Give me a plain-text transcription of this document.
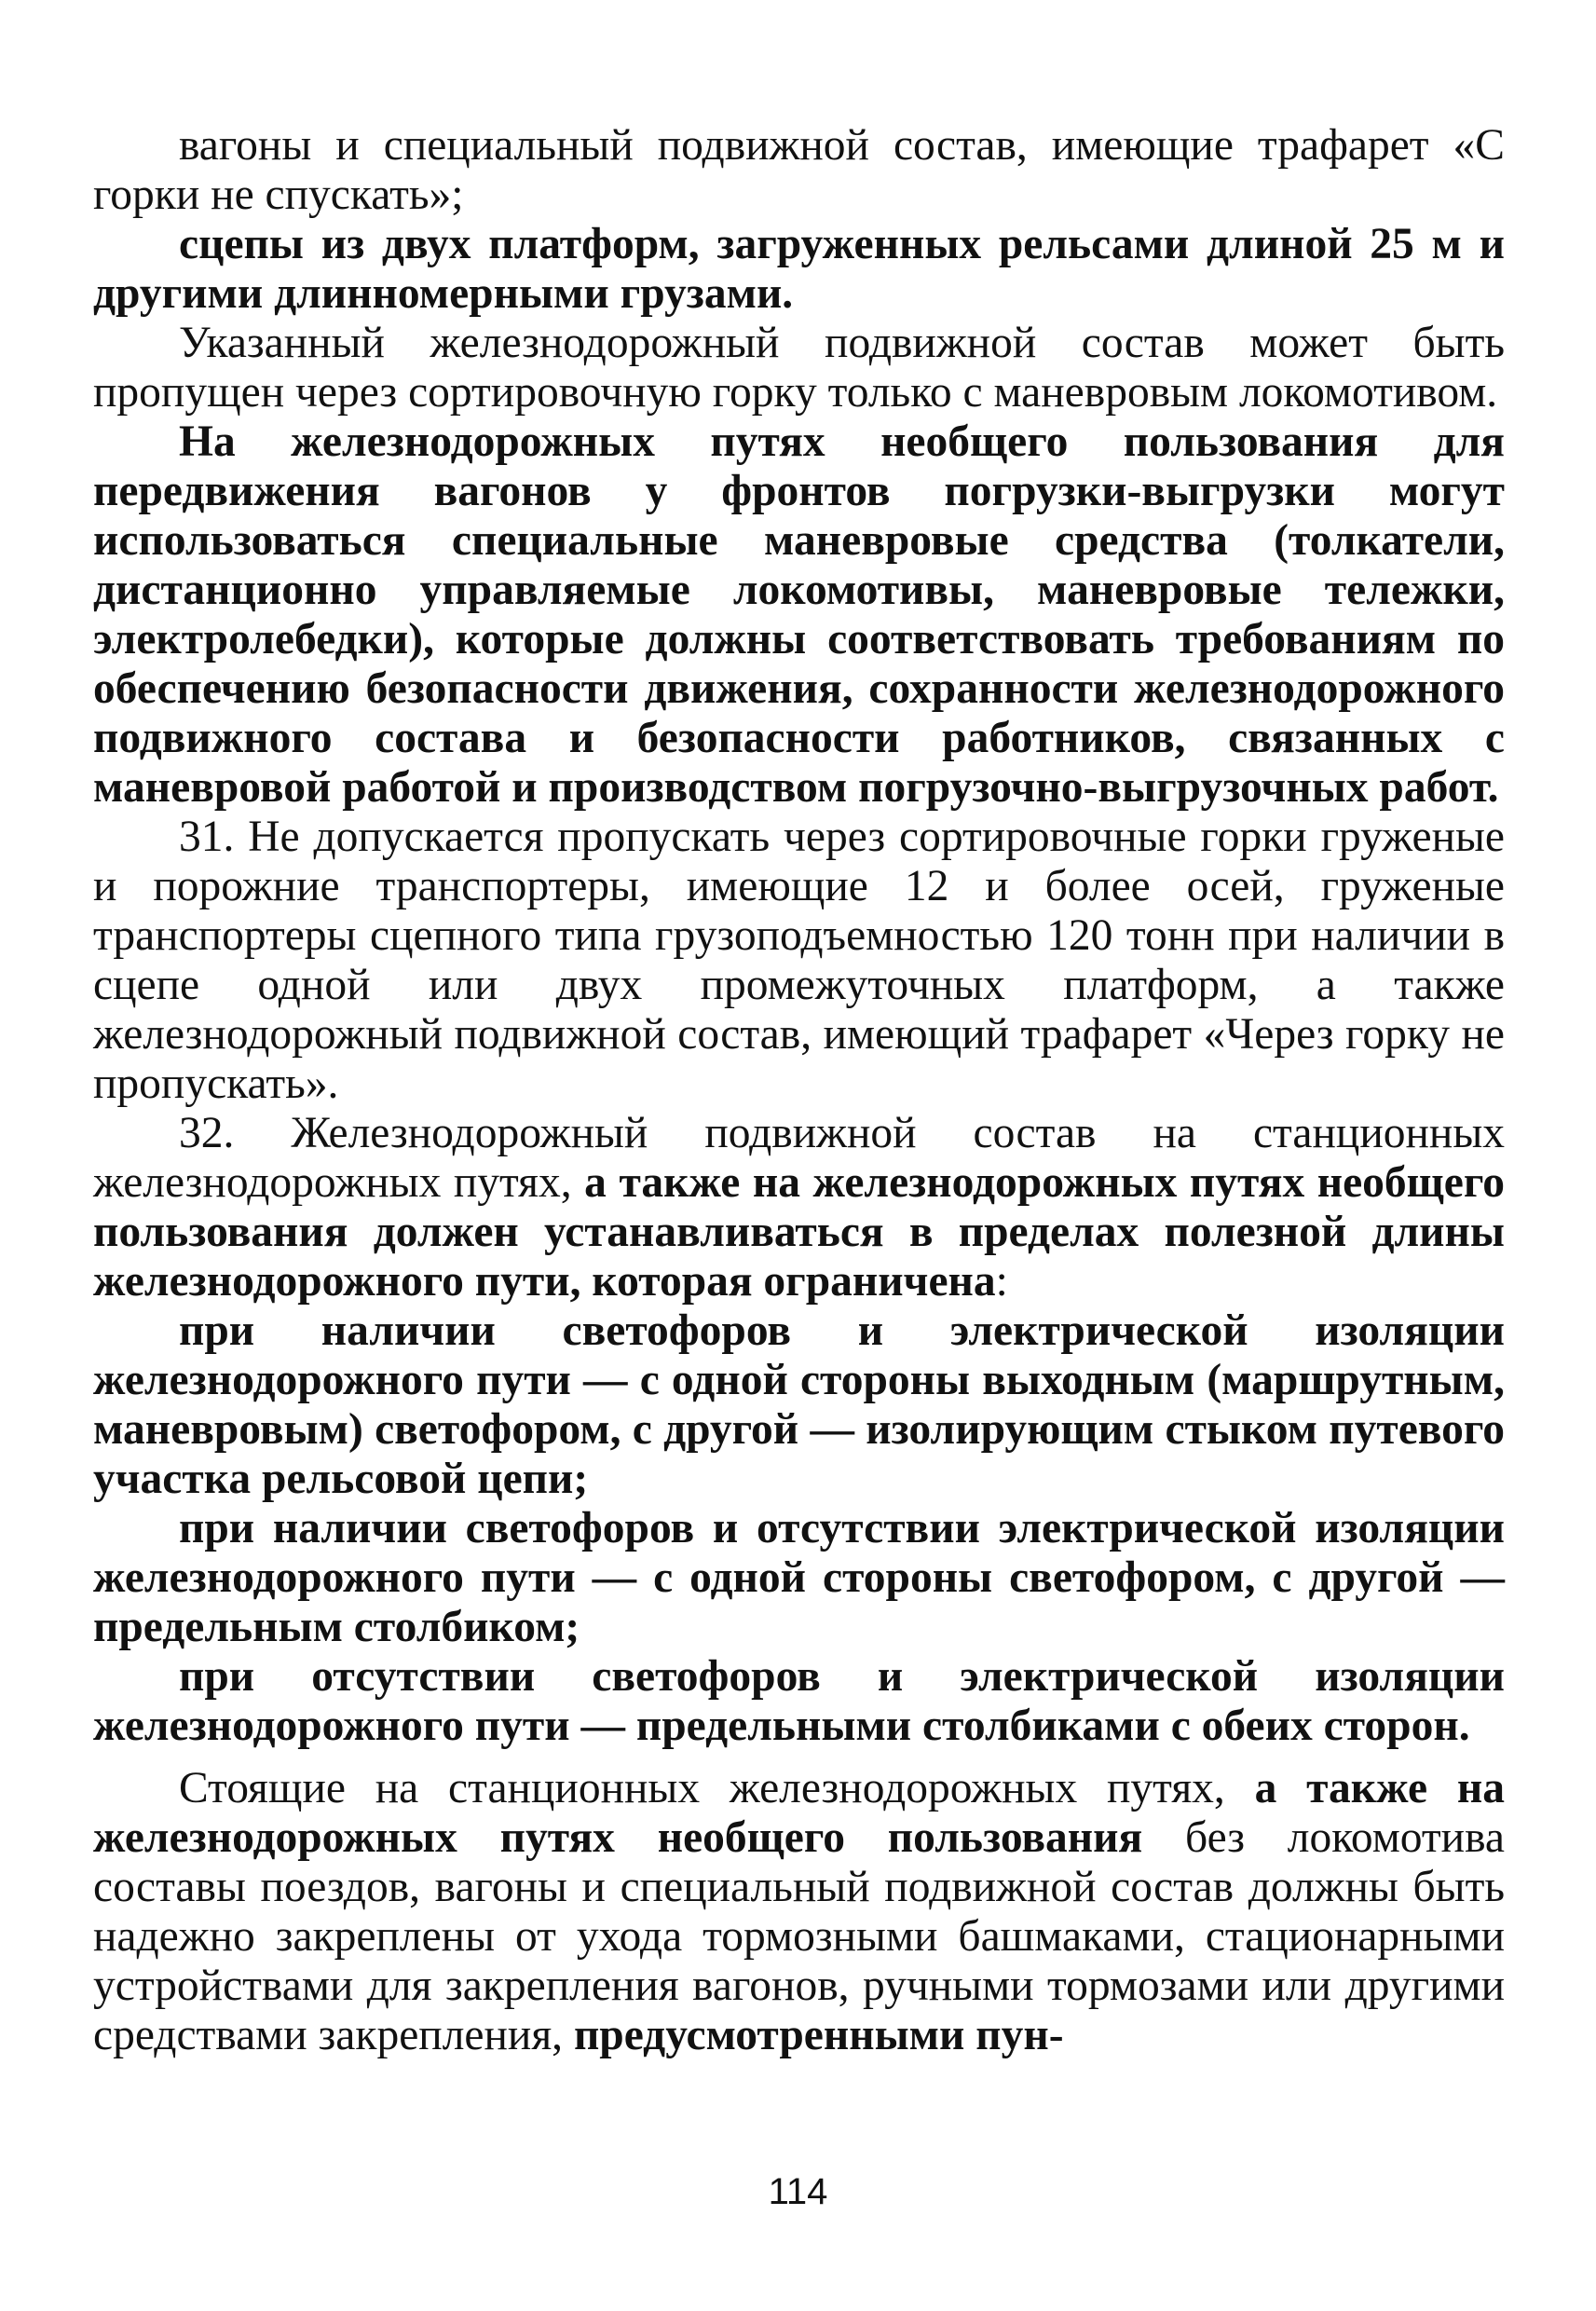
вагоны и специальный подвижной состав, имеющие трафарет «С горки не спускать»;

сцепы из двух платформ, загруженных рельсами длиной 25 м и другими длинномерными грузами.

Указанный железнодорожный подвижной состав может быть пропущен через сортировочную горку только с маневровым локомотивом.

На железнодорожных путях необщего пользования для передвижения вагонов у фронтов погрузки-выгрузки могут использоваться специальные маневровые средства (толкатели, дистанционно управляемые локомотивы, маневровые тележки, электролебедки), которые должны соответствовать требованиям по обеспечению безопасности движения, сохранности железнодорожного подвижного состава и безопасности работников, связанных с маневровой работой и производством погрузочно-выгрузочных работ.

31. Не допускается пропускать через сортировочные горки груженые и порожние транспортеры, имеющие 12 и более осей, груженые транспортеры сцепного типа грузоподъемностью 120 тонн при наличии в сцепе одной или двух промежуточных платформ, а также железнодорожный подвижной состав, имеющий трафарет «Через горку не пропускать».

32. Железнодорожный подвижной состав на станционных железнодорожных путях, а также на железнодорожных путях необщего пользования должен устанавливаться в пределах полезной длины железнодорожного пути, которая ограничена:

при наличии светофоров и электрической изоляции железнодорожного пути — с одной стороны выходным (маршрутным, маневровым) светофором, с другой — изолирующим стыком путевого участка рельсовой цепи;

при наличии светофоров и отсутствии электрической изоляции железнодорожного пути — с одной стороны светофором, с другой — предельным столбиком;

при отсутствии светофоров и электрической изоляции железнодорожного пути — предельными столбиками с обеих сторон.

Стоящие на станционных железнодорожных путях, а также на железнодорожных путях необщего пользования без локомотива составы поездов, вагоны и специальный подвижной состав должны быть надежно закреплены от ухода тормозными башмаками, стационарными устройствами для закрепления вагонов, ручными тормозами или другими средствами закрепления, предусмотренными пун-

114
